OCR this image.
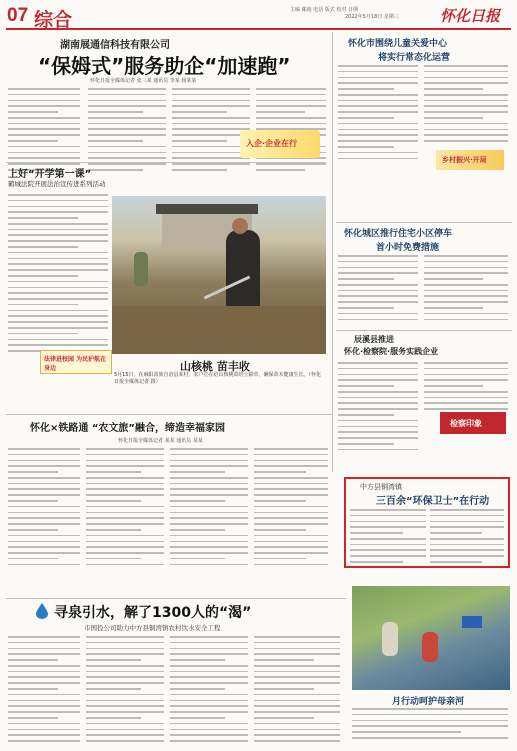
07 综合	主编 邮箱 电话 版式 校对 日期
2022年5月18日 星期三	怀化日报
湖南展通信科技有限公司
“保姆式”服务助企“加速跑”
怀化日报全媒体记者 张三某 通讯员 李某 杨某某
入企·企业在行
上好“开学第一课”
鹤城法院开展法治宣传进系列活动
法律进校园 为民护航在身边	山核桃 苗丰收
5月15日，在麻阳苗族自治县某村，农户正在给山核桃苗培土除草，确保苗木健康生长。（怀化日报全媒体记者 摄）
怀化市围绕儿童关爱中心
将实行常态化运营
乡村振兴·开局
怀化城区推行住宅小区停车
首小时免费措施
辰溪县推进
怀化·检察院·服务实践企业
检察印象
怀化×铁路通 “农文旅”融合，缔造幸福家园
怀化日报全媒体记者 某某 通讯员 某某
中方县铜湾镇
三百余“环保卫士”在行动
寻泉引水，解了1300人的“渴”
市国投公司助力中方县铜湾镇农村饮水安全工程
月行动呵护母亲河
